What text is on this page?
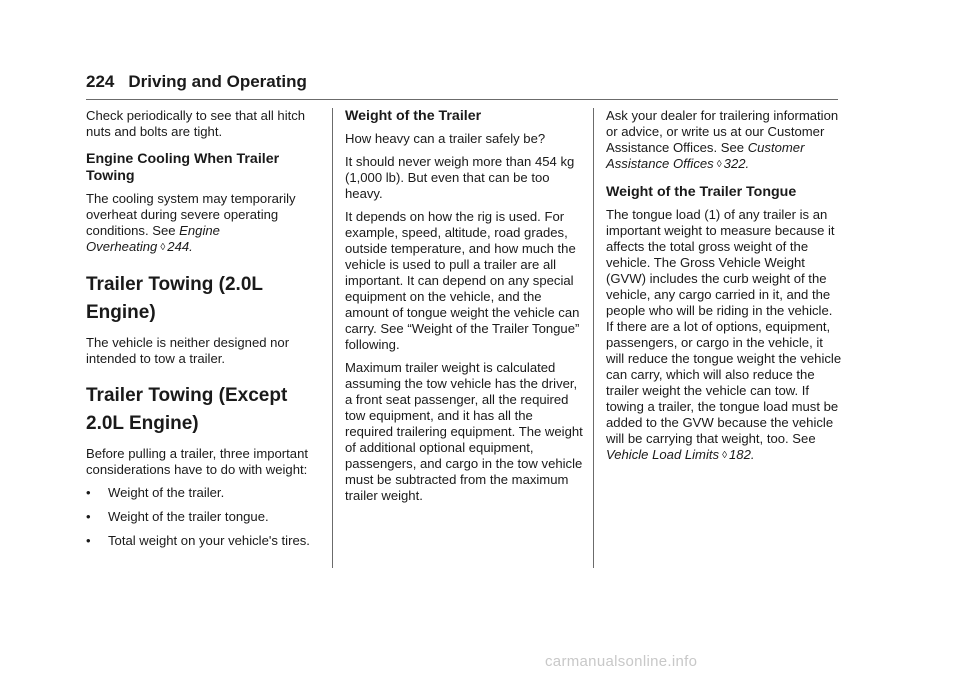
224 Driving and Operating

Check periodically to see that all hitch nuts and bolts are tight.

Engine Cooling When Trailer Towing

The cooling system may temporarily overheat during severe operating conditions. See Engine Overheating ◊ 244.

Trailer Towing (2.0L Engine)

The vehicle is neither designed nor intended to tow a trailer.

Trailer Towing (Except 2.0L Engine)

Before pulling a trailer, three important considerations have to do with weight:

• Weight of the trailer.
• Weight of the trailer tongue.
• Total weight on your vehicle's tires.
Weight of the Trailer

How heavy can a trailer safely be?

It should never weigh more than 454 kg (1,000 lb). But even that can be too heavy.

It depends on how the rig is used. For example, speed, altitude, road grades, outside temperature, and how much the vehicle is used to pull a trailer are all important. It can depend on any special equipment on the vehicle, and the amount of tongue weight the vehicle can carry. See “Weight of the Trailer Tongue” following.

Maximum trailer weight is calculated assuming the tow vehicle has the driver, a front seat passenger, all the required tow equipment, and it has all the required trailering equipment. The weight of additional optional equipment, passengers, and cargo in the tow vehicle must be subtracted from the maximum trailer weight.

Ask your dealer for trailering information or advice, or write us at our Customer Assistance Offices. See Customer Assistance Offices ◊ 322.

Weight of the Trailer Tongue

The tongue load (1) of any trailer is an important weight to measure because it affects the total gross weight of the vehicle. The Gross Vehicle Weight (GVW) includes the curb weight of the vehicle, any cargo carried in it, and the people who will be riding in the vehicle. If there are a lot of options, equipment, passengers, or cargo in the vehicle, it will reduce the tongue weight the vehicle can carry, which will also reduce the trailer weight the vehicle can tow. If towing a trailer, the tongue load must be added to the GVW because the vehicle will be carrying that weight, too. See Vehicle Load Limits ◊ 182.

carmanualsonline.info
